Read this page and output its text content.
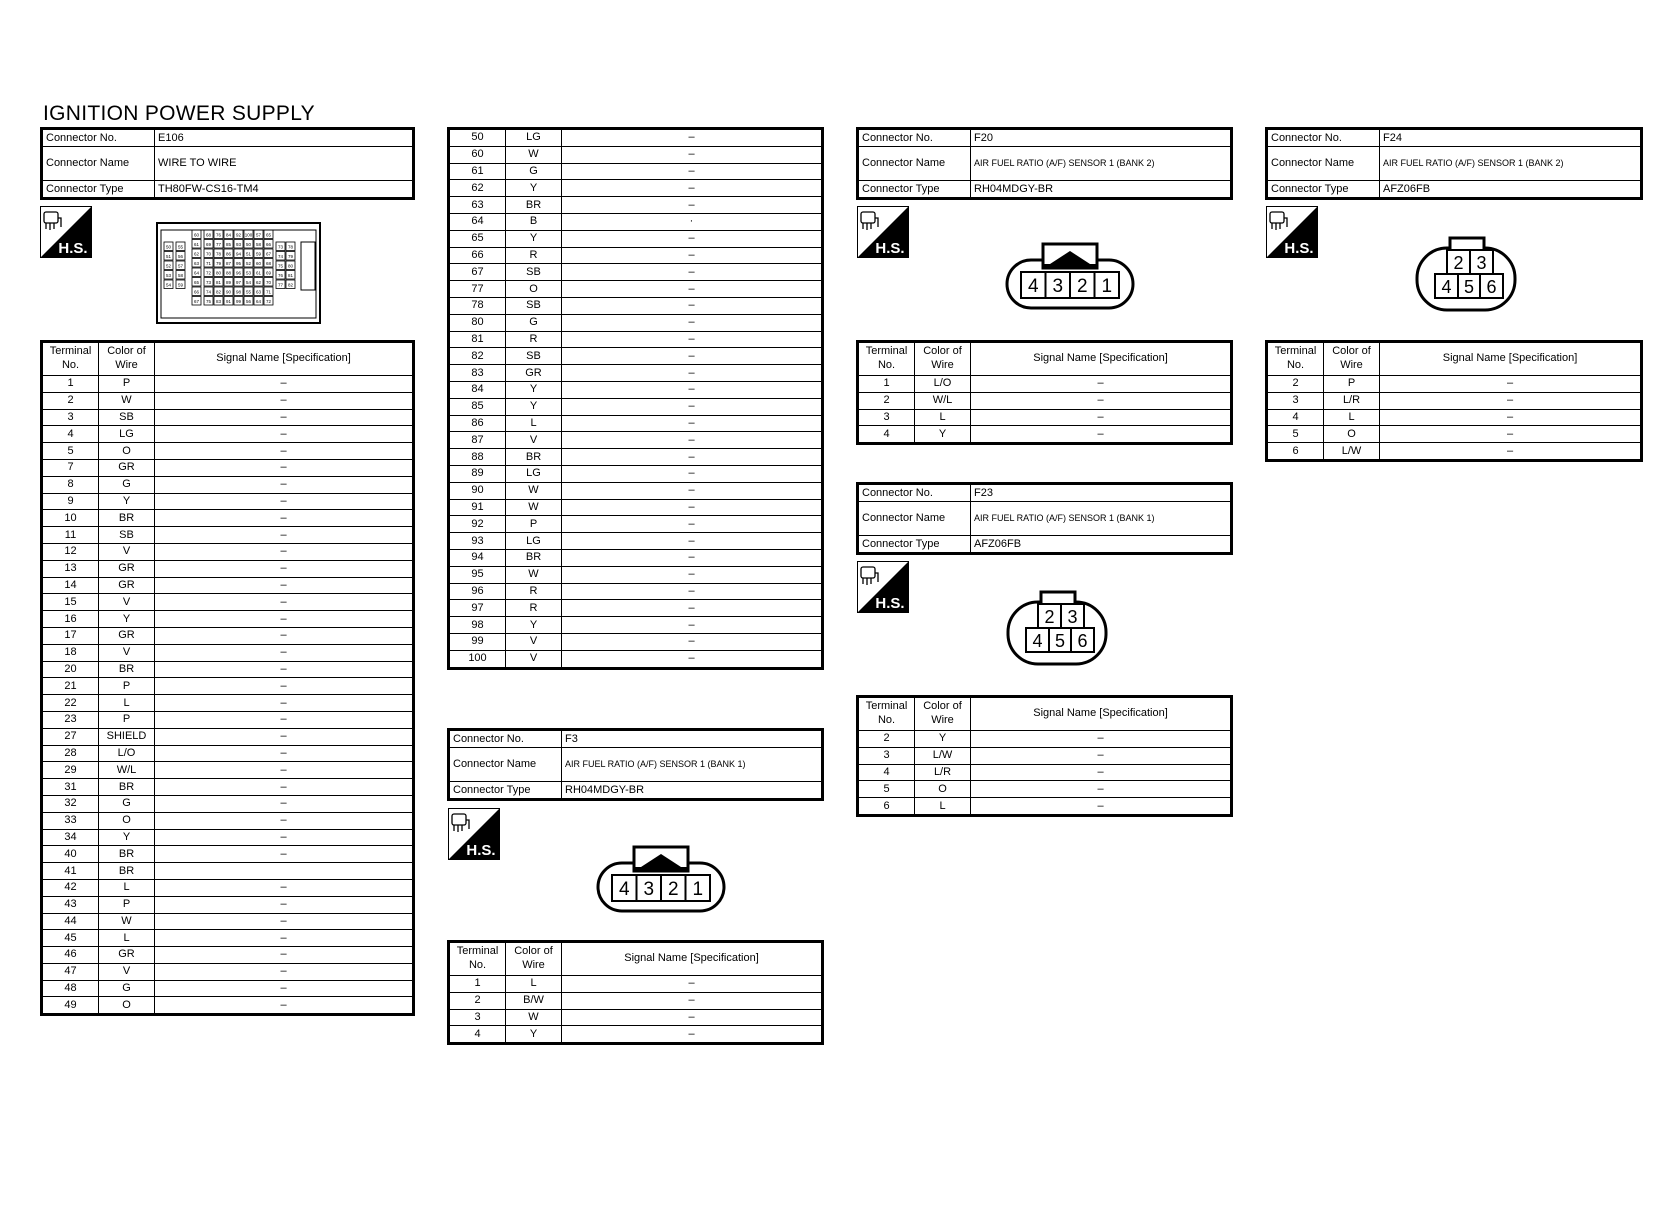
IGNITION POWER SUPPLY
Connector No.	E106
Connector Name	WIRE TO WIRE
Connector Type	TH80FW-CS16-TM4
H.S.	50
51
52
53
54
55
56
57
58
59
60
61
62
63
64
65
66
67
68
69
70
71
72
73
74
75
76
77
78
79
80
81
82
83
84
85
86
87
88
89
90
91
92
93
94
95
96
97
98
99
100
50
51
52
53
54
55
56
57
58
59
60
61
62
63
64
65
66
67
68
69
70
71
72
73
74
75
76
77
78
79
80
81
82
Terminal No.	Color of Wire	Signal Name [Specification]
1	P	–
2	W	–
3	SB	–
4	LG	–
5	O	–
7	GR	–
8	G	–
9	Y	–
10	BR	–
11	SB	–
12	V	–
13	GR	–
14	GR	–
15	V	–
16	Y	–
17	GR	–
18	V	–
20	BR	–
21	P	–
22	L	–
23	P	–
27	SHIELD	–
28	L/O	–
29	W/L	–
31	BR	–
32	G	–
33	O	–
34	Y	–
40	BR	–
41	BR	
42	L	–
43	P	–
44	W	–
45	L	–
46	GR	–
47	V	–
48	G	–
49	O	–
50	LG	–
60	W	–
61	G	–
62	Y	–
63	BR	–
64	B	·
65	Y	–
66	R	–
67	SB	–
77	O	–
78	SB	–
80	G	–
81	R	–
82	SB	–
83	GR	–
84	Y	–
85	Y	–
86	L	–
87	V	–
88	BR	–
89	LG	–
90	W	–
91	W	–
92	P	–
93	LG	–
94	BR	–
95	W	–
96	R	–
97	R	–
98	Y	–
99	V	–
100	V	–
Connector No.	F3
Connector Name	AIR FUEL RATIO (A/F) SENSOR 1 (BANK 1)
Connector Type	RH04MDGY-BR
H.S.
4 3 2 1
Terminal No.	Color of Wire	Signal Name [Specification]
1	L	–
2	B/W	–
3	W	–
4	Y	–
Connector No.	F20
Connector Name	AIR FUEL RATIO (A/F) SENSOR 1 (BANK 2)
Connector Type	RH04MDGY-BR
H.S.
4 3 2 1
Terminal No.	Color of Wire	Signal Name [Specification]
1	L/O	–
2	W/L	–
3	L	–
4	Y	–
Connector No.	F23
Connector Name	AIR FUEL RATIO (A/F) SENSOR 1 (BANK 1)
Connector Type	AFZ06FB
H.S.
2 3
4 5 6
Terminal No.	Color of Wire	Signal Name [Specification]
2	Y	–
3	L/W	–
4	L/R	–
5	O	–
6	L	–
Connector No.	F24
Connector Name	AIR FUEL RATIO (A/F) SENSOR 1 (BANK 2)
Connector Type	AFZ06FB
H.S.
2 3
4 5 6
Terminal No.	Color of Wire	Signal Name [Specification]
2	P	–
3	L/R	–
4	L	–
5	O	–
6	L/W	–
